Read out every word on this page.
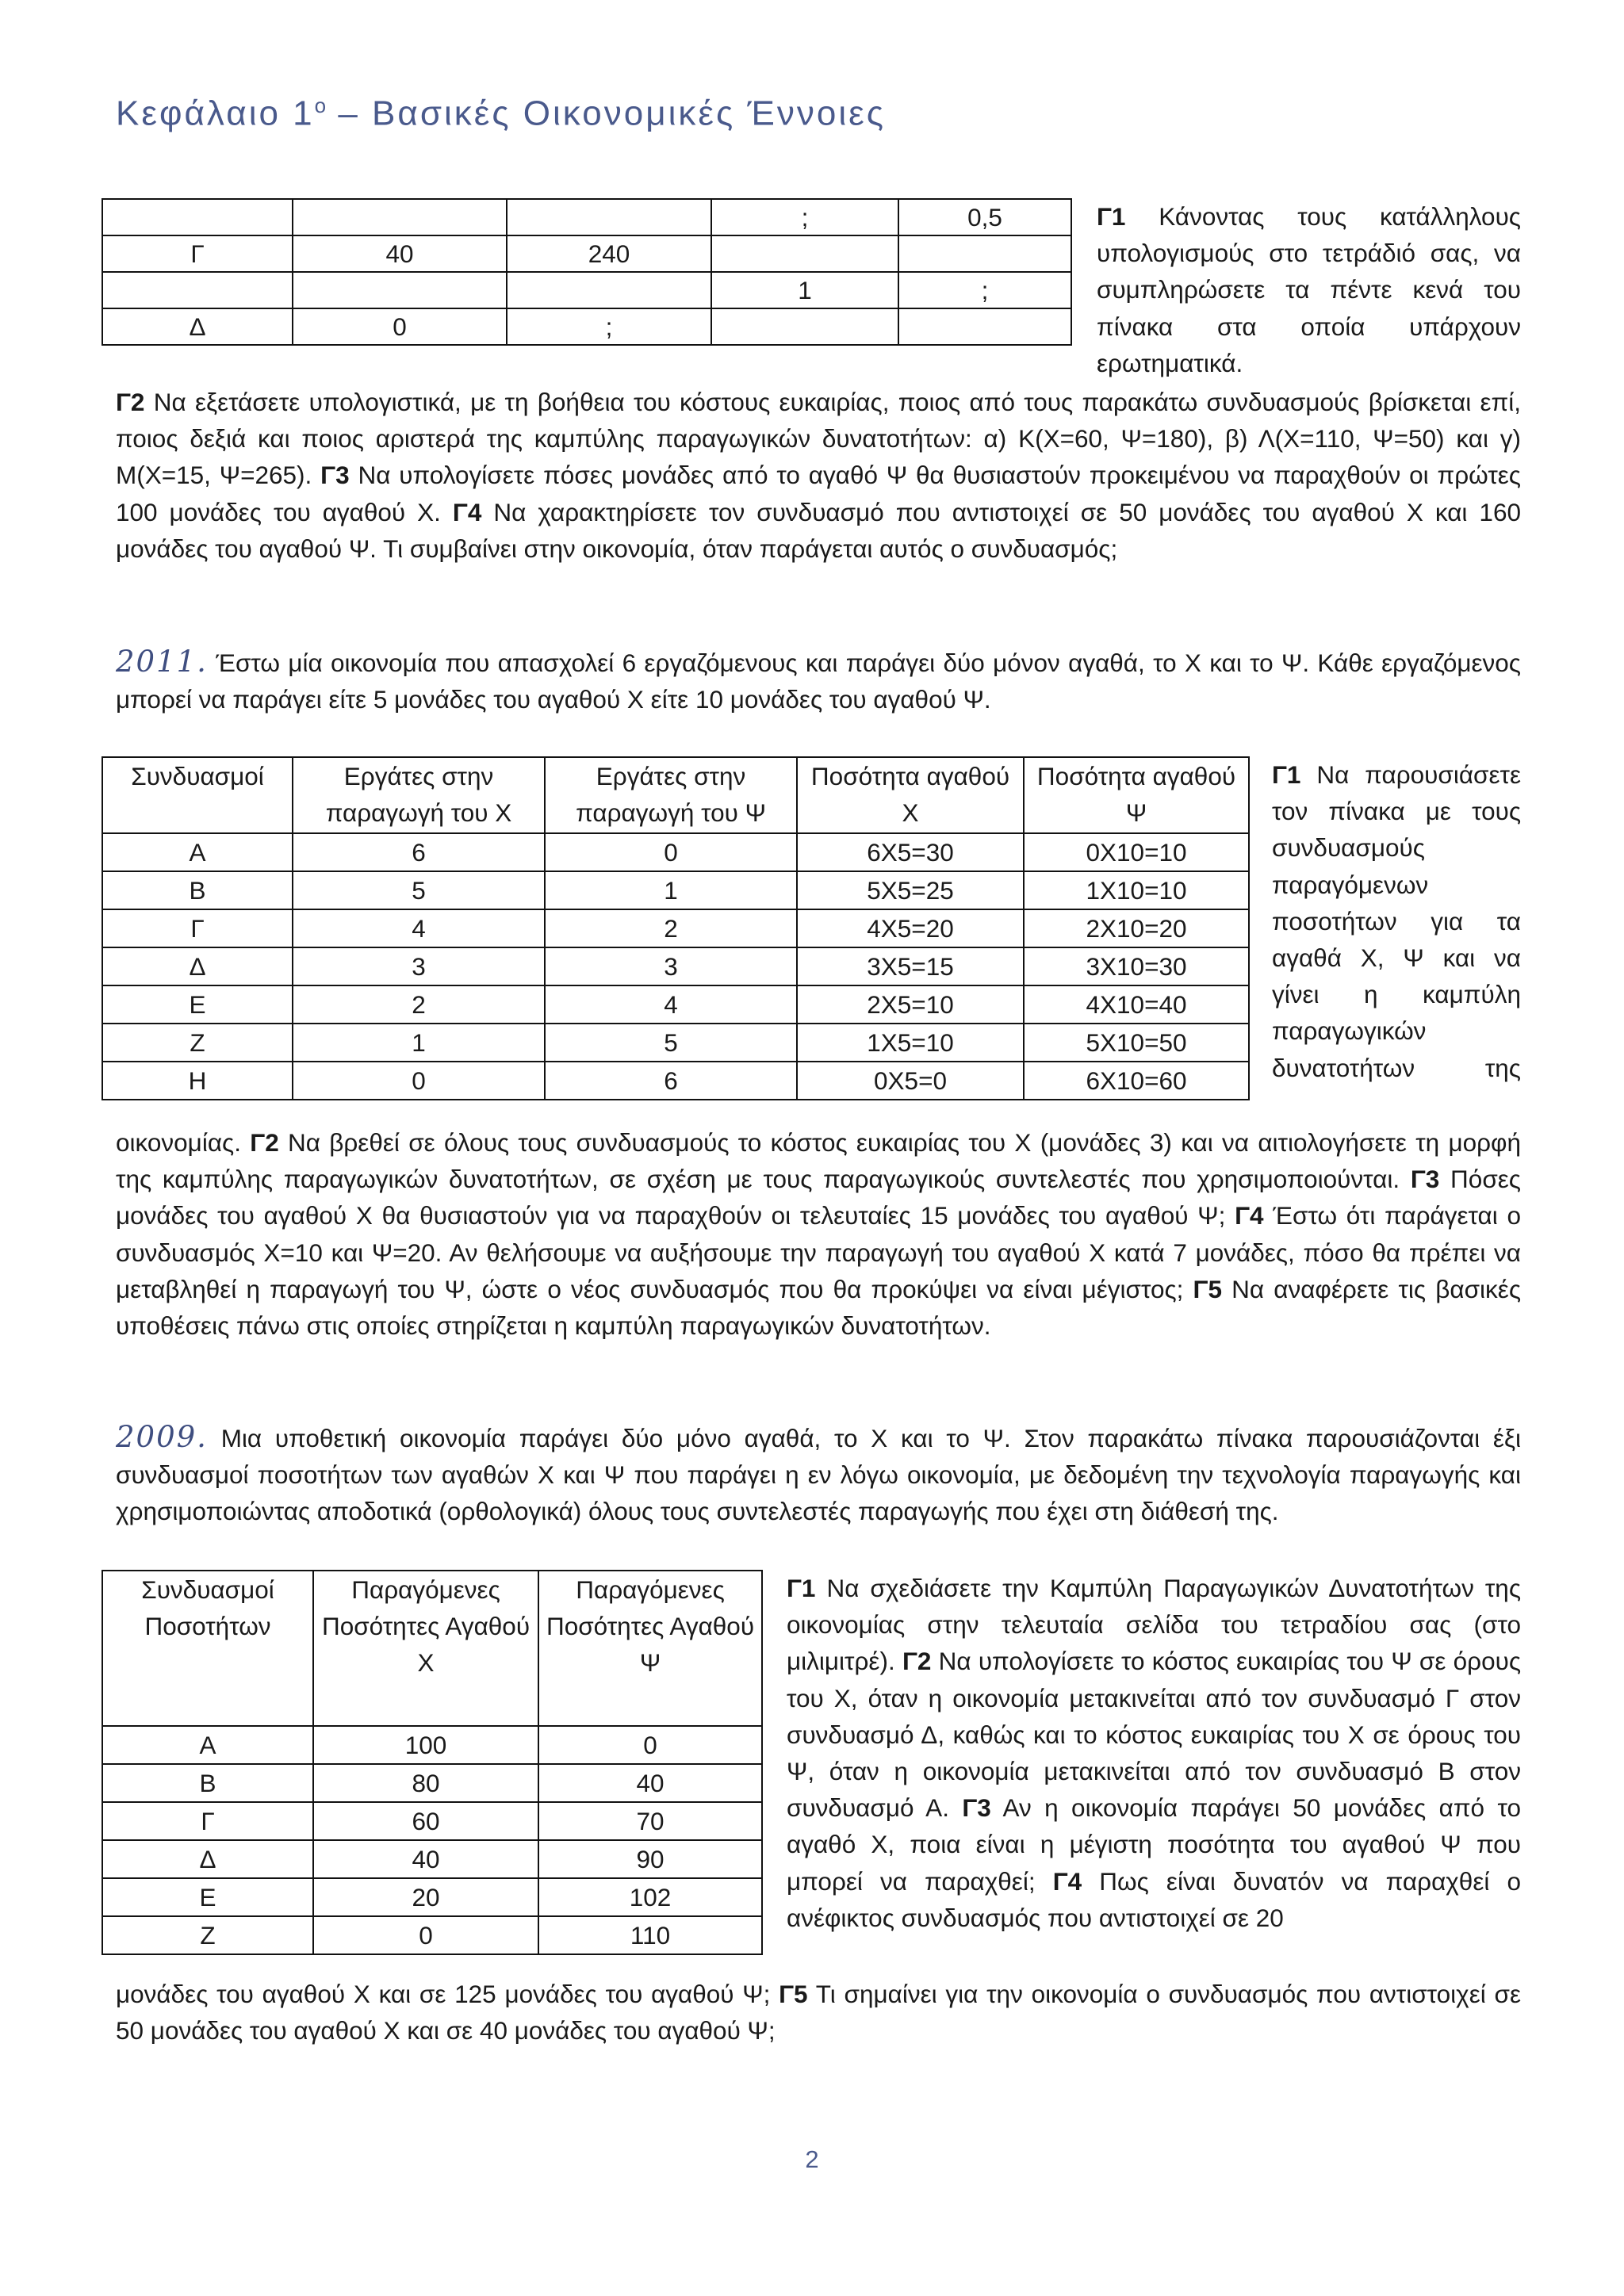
Κεφάλαιο $1^o$ – Βασικές Οικονομικές Έννοιες
			;	0,5
Γ	40	240		
			1	;
Δ	0	;		
Γ1 Κάνοντας τους κατάλληλους υπολογισμούς στο τετράδιό σας, να συμπληρώσετε τα πέντε κενά του πίνακα στα οποία υπάρχουν ερωτηματικά.

Γ2 Να εξετάσετε υπολογιστικά, με τη βοήθεια του κόστους ευκαιρίας, ποιος από τους παρακάτω συνδυασμούς βρίσκεται επί, ποιος δεξιά και ποιος αριστερά της καμπύλης παραγωγικών δυνατοτήτων: α) Κ(Χ=60, Ψ=180), β) Λ(Χ=110, Ψ=50) και γ) Μ(Χ=15, Ψ=265). Γ3 Να υπολογίσετε πόσες μονάδες από το αγαθό Ψ θα θυσιαστούν προκειμένου να παραχθούν οι πρώτες 100 μονάδες του αγαθού Χ. Γ4 Να χαρακτηρίσετε τον συνδυασμό που αντιστοιχεί σε 50 μονάδες του αγαθού Χ και 160 μονάδες του αγαθού Ψ. Τι συμβαίνει στην οικονομία, όταν παράγεται αυτός ο συνδυασμός;

2011. Έστω μία οικονομία που απασχολεί 6 εργαζόμενους και παράγει δύο μόνον αγαθά, το Χ και το Ψ. Κάθε εργαζόμενος μπορεί να παράγει είτε 5 μονάδες του αγαθού Χ είτε 10 μονάδες του αγαθού Ψ.

Συνδυασμοί	Εργάτες στην παραγωγή του Χ	Εργάτες στην παραγωγή του Ψ	Ποσότητα αγαθού Χ	Ποσότητα αγαθού Ψ
Α	6	0	6Χ5=30	0Χ10=10
Β	5	1	5Χ5=25	1Χ10=10
Γ	4	2	4Χ5=20	2Χ10=20
Δ	3	3	3Χ5=15	3Χ10=30
Ε	2	4	2Χ5=10	4Χ10=40
Ζ	1	5	1Χ5=10	5Χ10=50
Η	0	6	0Χ5=0	6Χ10=60
Γ1 Να παρουσιάσετε τον πίνακα με τους συνδυασμούς παραγόμενων ποσοτήτων για τα αγαθά Χ, Ψ και να γίνει η καμπύλη παραγωγικών δυνατοτήτων της

οικονομίας. Γ2 Να βρεθεί σε όλους τους συνδυασμούς το κόστος ευκαιρίας του Χ (μονάδες 3) και να αιτιολογήσετε τη μορφή της καμπύλης παραγωγικών δυνατοτήτων, σε σχέση με τους παραγωγικούς συντελεστές που χρησιμοποιούνται. Γ3 Πόσες μονάδες του αγαθού Χ θα θυσιαστούν για να παραχθούν οι τελευταίες 15 μονάδες του αγαθού Ψ; Γ4 Έστω ότι παράγεται ο συνδυασμός Χ=10 και Ψ=20. Αν θελήσουμε να αυξήσουμε την παραγωγή του αγαθού Χ κατά 7 μονάδες, πόσο θα πρέπει να μεταβληθεί η παραγωγή του Ψ, ώστε ο νέος συνδυασμός που θα προκύψει να είναι μέγιστος; Γ5 Να αναφέρετε τις βασικές υποθέσεις πάνω στις οποίες στηρίζεται η καμπύλη παραγωγικών δυνατοτήτων.

2009. Μια υποθετική οικονομία παράγει δύο μόνο αγαθά, το Χ και το Ψ. Στον παρακάτω πίνακα παρουσιάζονται έξι συνδυασμοί ποσοτήτων των αγαθών Χ και Ψ που παράγει η εν λόγω οικονομία, με δεδομένη την τεχνολογία παραγωγής και χρησιμοποιώντας αποδοτικά (ορθολογικά) όλους τους συντελεστές παραγωγής που έχει στη διάθεσή της.

Συνδυασμοί Ποσοτήτων	Παραγόμενες Ποσότητες Αγαθού Χ	Παραγόμενες Ποσότητες Αγαθού Ψ
Α	100	0
Β	80	40
Γ	60	70
Δ	40	90
Ε	20	102
Ζ	0	110
Γ1 Να σχεδιάσετε την Καμπύλη Παραγωγικών Δυνατοτήτων της οικονομίας στην τελευταία σελίδα του τετραδίου σας (στο μιλιμιτρέ). Γ2 Να υπολογίσετε το κόστος ευκαιρίας του Ψ σε όρους του Χ, όταν η οικονομία μετακινείται από τον συνδυασμό Γ στον συνδυασμό Δ, καθώς και το κόστος ευκαιρίας του Χ σε όρους του Ψ, όταν η οικονομία μετακινείται από τον συνδυασμό Β στον συνδυασμό Α. Γ3 Αν η οικονομία παράγει 50 μονάδες από το αγαθό Χ, ποια είναι η μέγιστη ποσότητα του αγαθού Ψ που μπορεί να παραχθεί; Γ4 Πως είναι δυνατόν να παραχθεί ο ανέφικτος συνδυασμός που αντιστοιχεί σε 20

μονάδες του αγαθού Χ και σε 125 μονάδες του αγαθού Ψ; Γ5 Τι σημαίνει για την οικονομία ο συνδυασμός που αντιστοιχεί σε 50 μονάδες του αγαθού Χ και σε 40 μονάδες του αγαθού Ψ;

2
